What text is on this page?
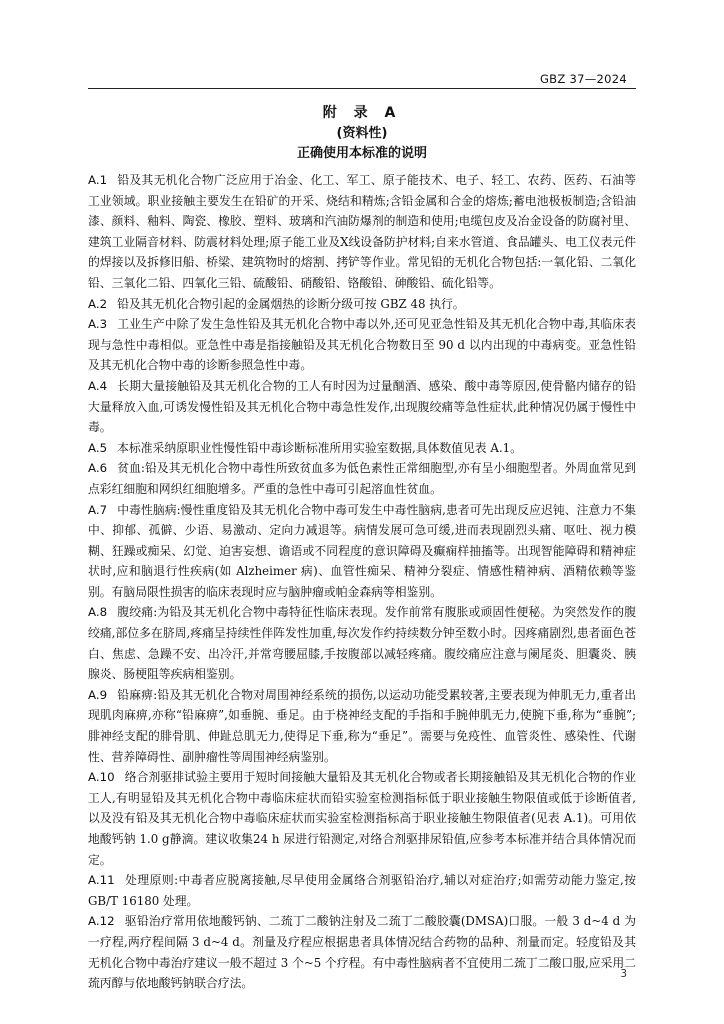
GBZ 37—2024
附 录 A
(资料性)
正确使用本标准的说明

A.1 铅及其无机化合物广泛应用于冶金、化工、军工、原子能技术、电子、轻工、农药、医药、石油等工业领域。职业接触主要发生在铅矿的开采、烧结和精炼;含铅金属和合金的熔炼;蓄电池极板制造;含铅油漆、颜料、釉料、陶瓷、橡胶、塑料、玻璃和汽油防爆剂的制造和使用;电缆包皮及冶金设备的防腐衬里、建筑工业隔音材料、防震材料处理;原子能工业及X线设备防护材料;自来水管道、食品罐头、电工仪表元件的焊接以及拆修旧船、桥梁、建筑物时的熔割、拷铲等作业。常见铅的无机化合物包括:一氧化铅、二氧化铅、三氧化二铅、四氧化三铅、硫酸铅、硝酸铅、铬酸铅、砷酸铅、硫化铅等。

A.2 铅及其无机化合物引起的金属烟热的诊断分级可按 GBZ 48 执行。

A.3 工业生产中除了发生急性铅及其无机化合物中毒以外,还可见亚急性铅及其无机化合物中毒,其临床表现与急性中毒相似。亚急性中毒是指接触铅及其无机化合物数日至 90 d 以内出现的中毒病变。亚急性铅及其无机化合物中毒的诊断参照急性中毒。

A.4 长期大量接触铅及其无机化合物的工人有时因为过量酗酒、感染、酸中毒等原因,使骨骼内储存的铅大量释放入血,可诱发慢性铅及其无机化合物中毒急性发作,出现腹绞痛等急性症状,此种情况仍属于慢性中毒。

A.5 本标准采纳原职业性慢性铅中毒诊断标准所用实验室数据,具体数值见表 A.1。

A.6 贫血:铅及其无机化合物中毒性所致贫血多为低色素性正常细胞型,亦有呈小细胞型者。外周血常见到点彩红细胞和网织红细胞增多。严重的急性中毒可引起溶血性贫血。

A.7 中毒性脑病:慢性重度铅及其无机化合物中毒可发生中毒性脑病,患者可先出现反应迟钝、注意力不集中、抑郁、孤僻、少语、易激动、定向力减退等。病情发展可急可缓,进而表现剧烈头痛、呕吐、视力模糊、狂躁或痴呆、幻觉、迫害妄想、谵语或不同程度的意识障碍及癫痫样抽搐等。出现智能障碍和精神症状时,应和脑退行性疾病(如 Alzheimer 病)、血管性痴呆、精神分裂症、情感性精神病、酒精依赖等鉴别。有脑局限性损害的临床表现时应与脑肿瘤或帕金森病等相鉴别。

A.8 腹绞痛:为铅及其无机化合物中毒特征性临床表现。发作前常有腹胀或顽固性便秘。为突然发作的腹绞痛,部位多在脐周,疼痛呈持续性伴阵发性加重,每次发作约持续数分钟至数小时。因疼痛剧烈,患者面色苍白、焦虑、急躁不安、出冷汗,并常弯腰屈膝,手按腹部以减轻疼痛。腹绞痛应注意与阑尾炎、胆囊炎、胰腺炎、肠梗阻等疾病相鉴别。

A.9 铅麻痹:铅及其无机化合物对周围神经系统的损伤,以运动功能受累较著,主要表现为伸肌无力,重者出现肌肉麻痹,亦称“铅麻痹”,如垂腕、垂足。由于桡神经支配的手指和手腕伸肌无力,使腕下垂,称为“垂腕”;腓神经支配的腓骨肌、伸趾总肌无力,使得足下垂,称为“垂足”。需要与免疫性、血管炎性、感染性、代谢性、营养障碍性、副肿瘤性等周围神经病鉴别。

A.10 络合剂驱排试验主要用于短时间接触大量铅及其无机化合物或者长期接触铅及其无机化合物的作业工人,有明显铅及其无机化合物中毒临床症状而铅实验室检测指标低于职业接触生物限值或低于诊断值者,以及没有铅及其无机化合物中毒临床症状而实验室检测指标高于职业接触生物限值者(见表 A.1)。可用依地酸钙钠 1.0 g静滴。建议收集24 h 尿进行铅测定,对络合剂驱排尿铅值,应参考本标准并结合具体情况而定。

A.11 处理原则:中毒者应脱离接触,尽早使用金属络合剂驱铅治疗,辅以对症治疗;如需劳动能力鉴定,按 GB/T 16180 处理。

A.12 驱铅治疗常用依地酸钙钠、二巯丁二酸钠注射及二巯丁二酸胶囊(DMSA)口服。一般 3 d~4 d 为一疗程,两疗程间隔 3 d~4 d。剂量及疗程应根据患者具体情况结合药物的品种、剂量而定。轻度铅及其无机化合物中毒治疗建议一般不超过 3 个~5 个疗程。有中毒性脑病者不宜使用二巯丁二酸口服,应采用二巯丙醇与依地酸钙钠联合疗法。

3
